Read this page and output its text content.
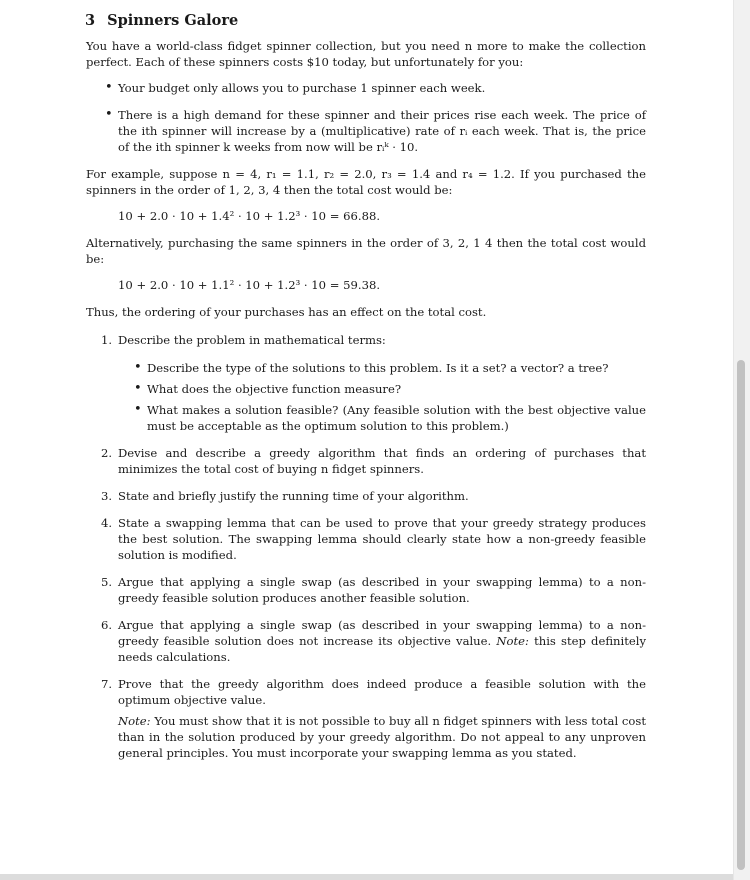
3 Spinners Galore

You have a world-class fidget spinner collection, but you need n more to make the collection perfect. Each of these spinners costs $10 today, but unfortunately for you:

• Your budget only allows you to purchase 1 spinner each week.
• There is a high demand for these spinner and their prices rise each week. The price of the ith spinner will increase by a (multiplicative) rate of rᵢ each week. That is, the price of the ith spinner k weeks from now will be rᵢᵏ · 10.

For example, suppose n = 4, r₁ = 1.1, r₂ = 2.0, r₃ = 1.4 and r₄ = 1.2. If you purchased the spinners in the order of 1, 2, 3, 4 then the total cost would be:

10 + 2.0 · 10 + 1.4² · 10 + 1.2³ · 10 = 66.88.

Alternatively, purchasing the same spinners in the order of 3, 2, 1 4 then the total cost would be:

10 + 2.0 · 10 + 1.1² · 10 + 1.2³ · 10 = 59.38.

Thus, the ordering of your purchases has an effect on the total cost.

1. Describe the problem in mathematical terms:
• Describe the type of the solutions to this problem. Is it a set? a vector? a tree?
• What does the objective function measure?
• What makes a solution feasible? (Any feasible solution with the best objective value must be acceptable as the optimum solution to this problem.)
2. Devise and describe a greedy algorithm that finds an ordering of purchases that minimizes the total cost of buying n fidget spinners.
3. State and briefly justify the running time of your algorithm.
4. State a swapping lemma that can be used to prove that your greedy strategy produces the best solution. The swapping lemma should clearly state how a non-greedy feasible solution is modified.
5. Argue that applying a single swap (as described in your swapping lemma) to a non-greedy feasible solution produces another feasible solution.
6. Argue that applying a single swap (as described in your swapping lemma) to a non-greedy feasible solution does not increase its objective value. Note: this step definitely needs calculations.
7. Prove that the greedy algorithm does indeed produce a feasible solution with the optimum objective value.
Note: You must show that it is not possible to buy all n fidget spinners with less total cost than in the solution produced by your greedy algorithm. Do not appeal to any unproven general principles. You must incorporate your swapping lemma as you stated.
